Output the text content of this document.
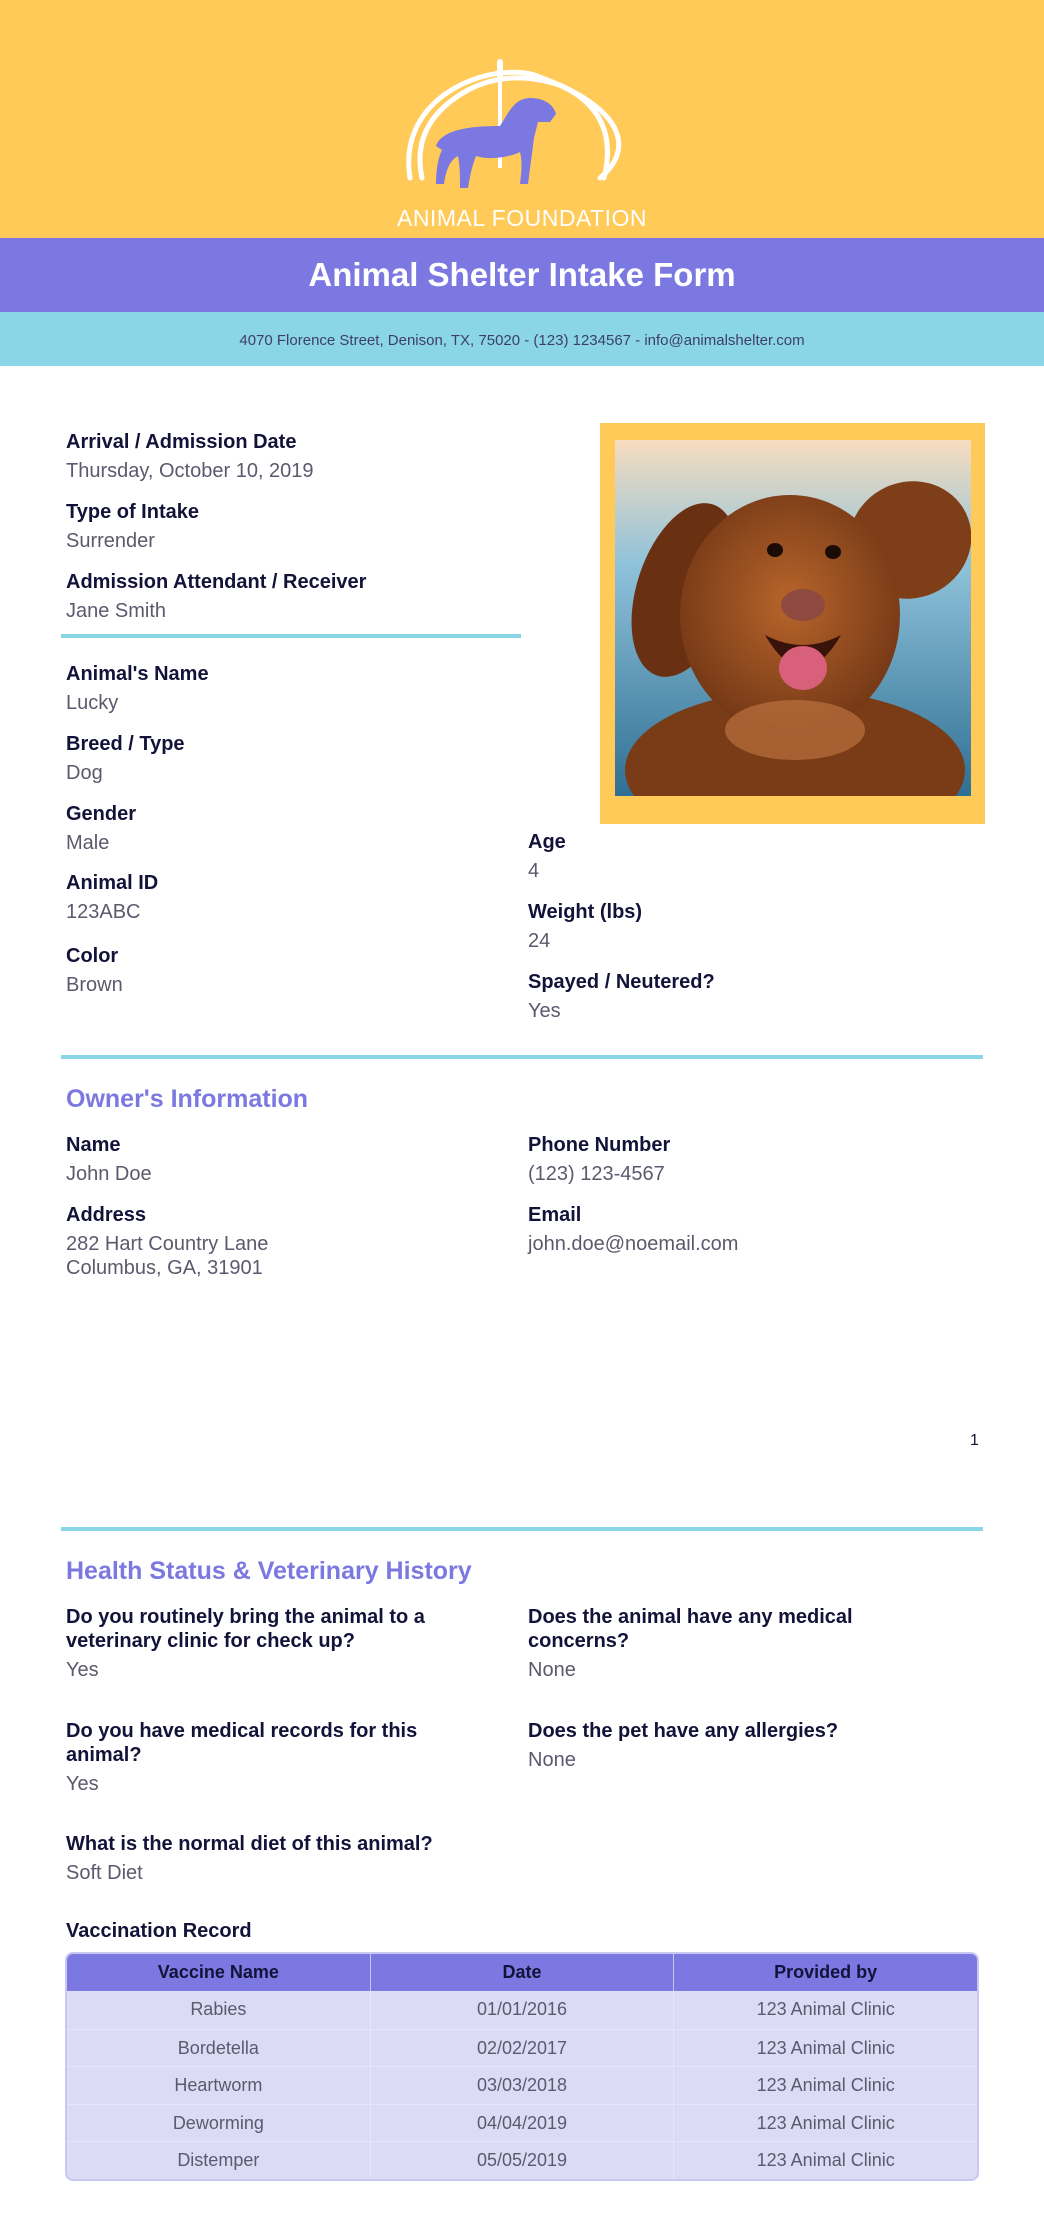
ANIMAL FOUNDATION
Animal Shelter Intake Form
4070 Florence Street, Denison, TX, 75020 - (123) 1234567 - info@animalshelter.com
Arrival / Admission Date
Thursday, October 10, 2019
Type of Intake
Surrender
Admission Attendant / Receiver
Jane Smith
Animal's Name
Lucky
Breed / Type
Dog
Gender
Male
Animal ID
123ABC
Color
Brown
Age
4
Weight (lbs)
24
Spayed / Neutered?
Yes
Owner's Information
Name
John Doe
Phone Number
(123) 123-4567
Address
282 Hart Country Lane
Columbus, GA, 31901
Email
john.doe@noemail.com
1
Health Status & Veterinary History
Do you routinely bring the animal to a veterinary clinic for check up?
Yes
Does the animal have any medical concerns?
None
Do you have medical records for this animal?
Yes
Does the pet have any allergies?
None
What is the normal diet of this animal?
Soft Diet
Vaccination Record
Vaccine Name	Date	Provided by
Rabies	01/01/2016	123 Animal Clinic
Bordetella	02/02/2017	123 Animal Clinic
Heartworm	03/03/2018	123 Animal Clinic
Deworming	04/04/2019	123 Animal Clinic
Distemper	05/05/2019	123 Animal Clinic
